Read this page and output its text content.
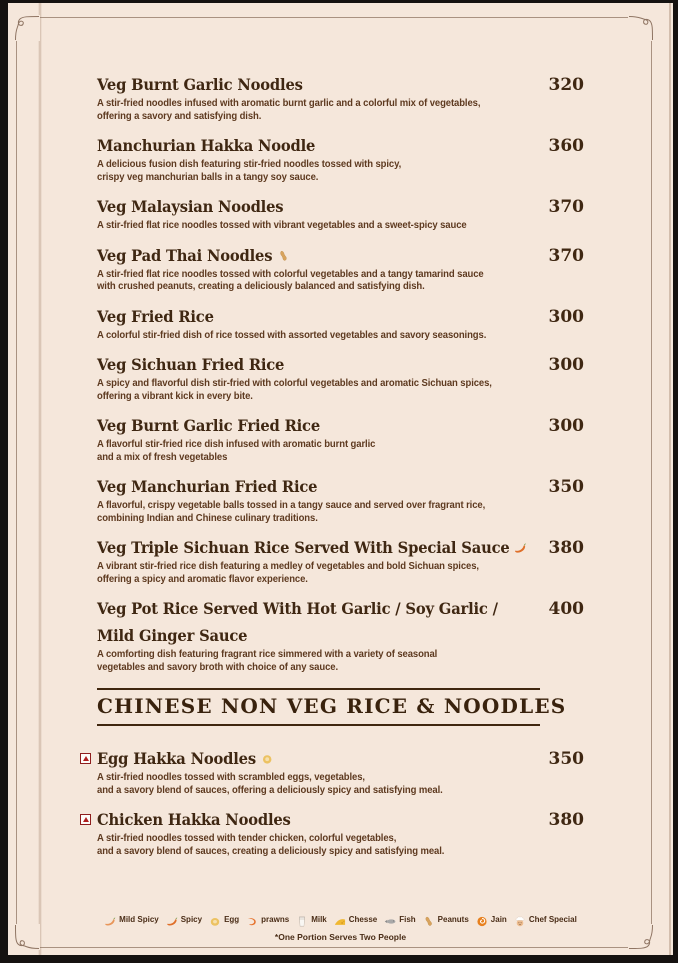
Veg Burnt Garlic Noodles
A stir-fried noodles infused with aromatic burnt garlic and a colorful mix of vegetables,
offering a savory and satisfying dish.
320
Manchurian Hakka Noodle
A delicious fusion dish featuring stir-fried noodles tossed with spicy,
crispy veg manchurian balls in a tangy soy sauce.
360
Veg Malaysian Noodles
A stir-fried flat rice noodles tossed with vibrant vegetables and a sweet-spicy sauce
370
Veg Pad Thai Noodles
A stir-fried flat rice noodles tossed with colorful vegetables and a tangy tamarind sauce
with crushed peanuts, creating a deliciously balanced and satisfying dish.
370
Veg Fried Rice
A colorful stir-fried dish of rice tossed with assorted vegetables and savory seasonings.
300
Veg Sichuan Fried Rice
A spicy and flavorful dish stir-fried with colorful vegetables and aromatic Sichuan spices,
offering a vibrant kick in every bite.
300
Veg Burnt Garlic Fried Rice
A flavorful stir-fried rice dish infused with aromatic burnt garlic
and a mix of fresh vegetables
300
Veg Manchurian Fried Rice
A flavorful, crispy vegetable balls tossed in a tangy sauce and served over fragrant rice,
combining Indian and Chinese culinary traditions.
350
Veg Triple Sichuan Rice Served With Special Sauce
A vibrant stir-fried rice dish featuring a medley of vegetables and bold Sichuan spices,
offering a spicy and aromatic flavor experience.
380
Veg Pot Rice Served With Hot Garlic / Soy Garlic /
Mild Ginger Sauce
A comforting dish featuring fragrant rice simmered with a variety of seasonal
vegetables and savory broth with choice of any sauce.
400
CHINESE NON VEG RICE & NOODLES
Egg Hakka Noodles
A stir-fried noodles tossed with scrambled eggs, vegetables,
and a savory blend of sauces, offering a deliciously spicy and satisfying meal.
350
Chicken Hakka Noodles
A stir-fried noodles tossed with tender chicken, colorful vegetables,
and a savory blend of sauces, creating a deliciously spicy and satisfying meal.
380
Mild Spicy	Spicy	Egg	prawns	Milk	Chesse	Fish	Peanuts	Jain	Chef Special
*One Portion Serves Two People
